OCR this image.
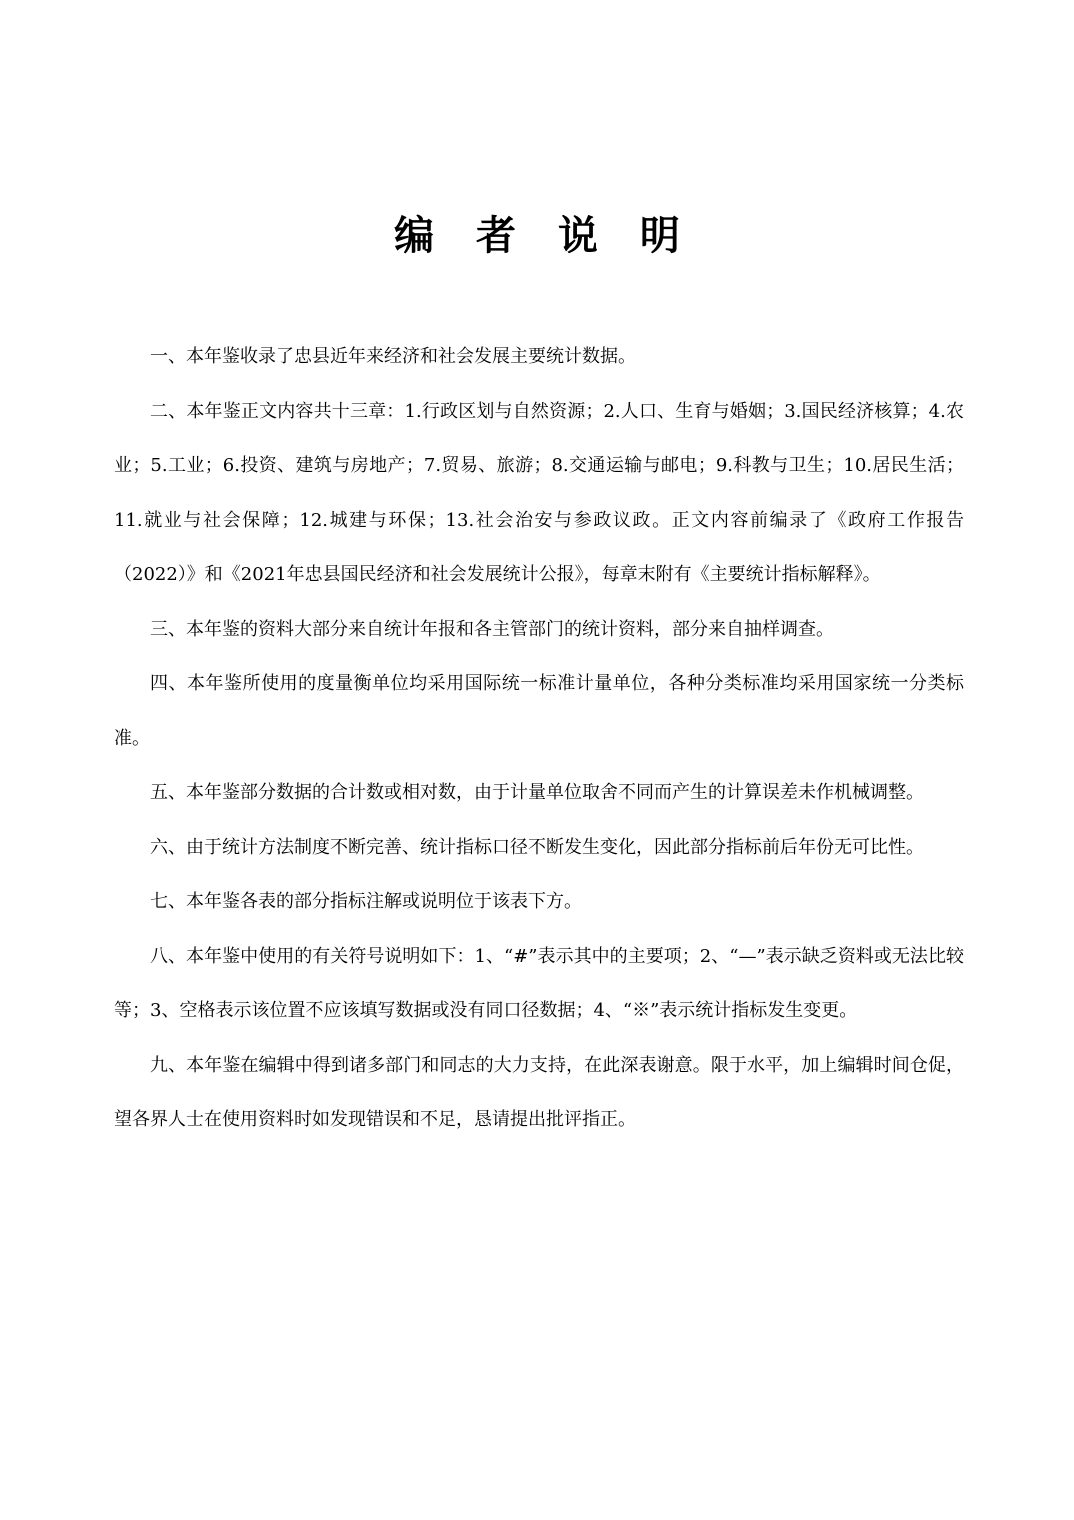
编 者 说 明

一、本年鉴收录了忠县近年来经济和社会发展主要统计数据。

二、本年鉴正文内容共十三章：1.行政区划与自然资源；2.人口、生育与婚姻；3.国民经济核算；4.农业；5.工业；6.投资、建筑与房地产；7.贸易、旅游；8.交通运输与邮电；9.科教与卫生；10.居民生活；11.就业与社会保障；12.城建与环保；13.社会治安与参政议政。正文内容前编录了《政府工作报告（2022）》和《2021年忠县国民经济和社会发展统计公报》，每章末附有《主要统计指标解释》。

三、本年鉴的资料大部分来自统计年报和各主管部门的统计资料，部分来自抽样调查。

四、本年鉴所使用的度量衡单位均采用国际统一标准计量单位，各种分类标准均采用国家统一分类标准。

五、本年鉴部分数据的合计数或相对数，由于计量单位取舍不同而产生的计算误差未作机械调整。

六、由于统计方法制度不断完善、统计指标口径不断发生变化，因此部分指标前后年份无可比性。

七、本年鉴各表的部分指标注解或说明位于该表下方。

八、本年鉴中使用的有关符号说明如下：1、“#”表示其中的主要项；2、“—”表示缺乏资料或无法比较等；3、空格表示该位置不应该填写数据或没有同口径数据；4、“※”表示统计指标发生变更。

九、本年鉴在编辑中得到诸多部门和同志的大力支持，在此深表谢意。限于水平，加上编辑时间仓促，望各界人士在使用资料时如发现错误和不足，恳请提出批评指正。
